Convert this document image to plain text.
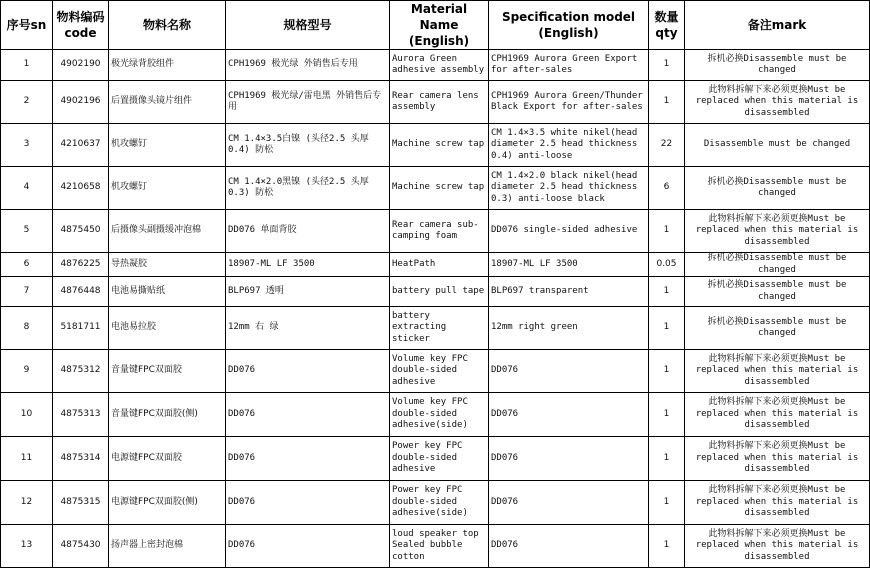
序号sn	物料编码code	物料名称	规格型号	Material Name (English)	Specification model (English)	数量qty	备注mark
1	4902190	极光绿背胶组件	CPH1969 极光绿 外销售后专用	Aurora Green adhesive assembly	CPH1969 Aurora Green Export for after-sales	1	拆机必换Disassemble must be changed
2	4902196	后置摄像头镜片组件	CPH1969 极光绿/雷电黑 外销售后专用	Rear camera lens assembly	CPH1969 Aurora Green/Thunder Black Export for after-sales	1	此物料拆解下来必须更换Must be replaced when this material is disassembled
3	4210637	机攻螺钉	CM 1.4×3.5白镍 (头径2.5 头厚0.4) 防松	Machine screw tap	CM 1.4×3.5 white nikel(head diameter 2.5 head thickness 0.4) anti-loose	22	Disassemble must be changed
4	4210658	机攻螺钉	CM 1.4×2.0黑镍 (头径2.5 头厚0.3) 防松	Machine screw tap	CM 1.4×2.0 black nikel(head diameter 2.5 head thickness 0.3) anti-loose black	6	拆机必换Disassemble must be changed
5	4875450	后摄像头副摄缓冲泡棉	DD076 单面背胶	Rear camera sub-camping foam	DD076 single-sided adhesive	1	此物料拆解下来必须更换Must be replaced when this material is disassembled
6	4876225	导热凝胶	18907-ML LF 3500	HeatPath	18907-ML LF 3500	0.05	拆机必换Disassemble must be changed
7	4876448	电池易撕贴纸	BLP697 透明	battery pull tape	BLP697 transparent	1	拆机必换Disassemble must be changed
8	5181711	电池易拉胶	12mm 右 绿	battery extracting sticker	12mm right green	1	拆机必换Disassemble must be changed
9	4875312	音量键FPC双面胶	DD076	Volume key FPC double-sided adhesive	DD076	1	此物料拆解下来必须更换Must be replaced when this material is disassembled
10	4875313	音量键FPC双面胶(侧)	DD076	Volume key FPC double-sided adhesive(side)	DD076	1	此物料拆解下来必须更换Must be replaced when this material is disassembled
11	4875314	电源键FPC双面胶	DD076	Power key FPC double-sided adhesive	DD076	1	此物料拆解下来必须更换Must be replaced when this material is disassembled
12	4875315	电源键FPC双面胶(侧)	DD076	Power key FPC double-sided adhesive(side)	DD076	1	此物料拆解下来必须更换Must be replaced when this material is disassembled
13	4875430	扬声器上密封泡棉	DD076	loud speaker top Sealed bubble cotton	DD076	1	此物料拆解下来必须更换Must be replaced when this material is disassembled
